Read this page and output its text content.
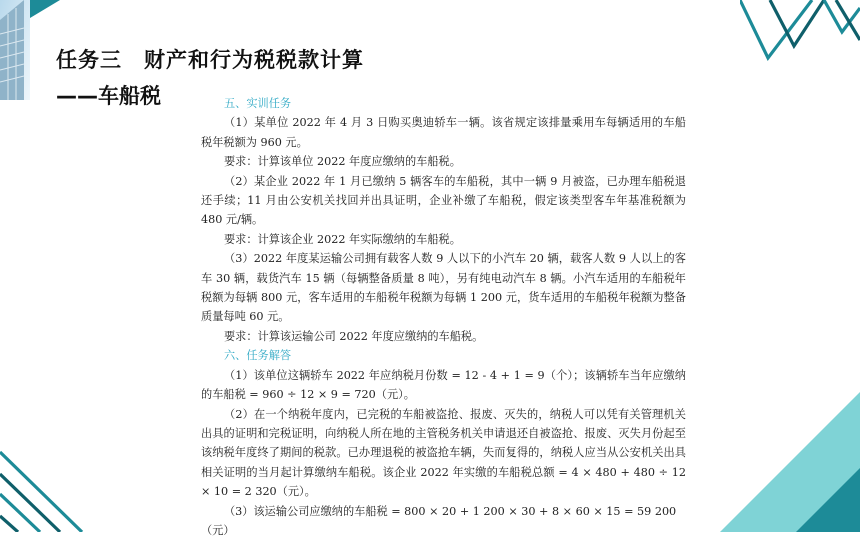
任务三 财产和行为税税款计算
——车船税	五、实训任务

（1）某单位 2022 年 4 月 3 日购买奥迪轿车一辆。该省规定该排量乘用车每辆适用的车船税年税额为 960 元。

要求：计算该单位 2022 年度应缴纳的车船税。

（2）某企业 2022 年 1 月已缴纳 5 辆客车的车船税，其中一辆 9 月被盗，已办理车船税退还手续；11 月由公安机关找回并出具证明，企业补缴了车船税，假定该类型客车年基准税额为 480 元/辆。

要求：计算该企业 2022 年实际缴纳的车船税。

（3）2022 年度某运输公司拥有载客人数 9 人以下的小汽车 20 辆，载客人数 9 人以上的客车 30 辆，载货汽车 15 辆（每辆整备质量 8 吨），另有纯电动汽车 8 辆。小汽车适用的车船税年税额为每辆 800 元，客车适用的车船税年税额为每辆 1 200 元，货车适用的车船税年税额为整备质量每吨 60 元。

要求：计算该运输公司 2022 年度应缴纳的车船税。

六、任务解答

（1）该单位这辆轿车 2022 年应纳税月份数 = 12 - 4 + 1 = 9（个）；该辆轿车当年应缴纳的车船税 = 960 ÷ 12 × 9 = 720（元）。

（2）在一个纳税年度内，已完税的车船被盗抢、报废、灭失的，纳税人可以凭有关管理机关出具的证明和完税证明，向纳税人所在地的主管税务机关申请退还自被盗抢、报废、灭失月份起至该纳税年度终了期间的税款。已办理退税的被盗抢车辆，失而复得的，纳税人应当从公安机关出具相关证明的当月起计算缴纳车船税。该企业 2022 年实缴的车船税总额 = 4 × 480 + 480 ÷ 12 × 10 = 2 320（元）。

（3）该运输公司应缴纳的车船税 = 800 × 20 + 1 200 × 30 + 8 × 60 × 15 = 59 200（元）
